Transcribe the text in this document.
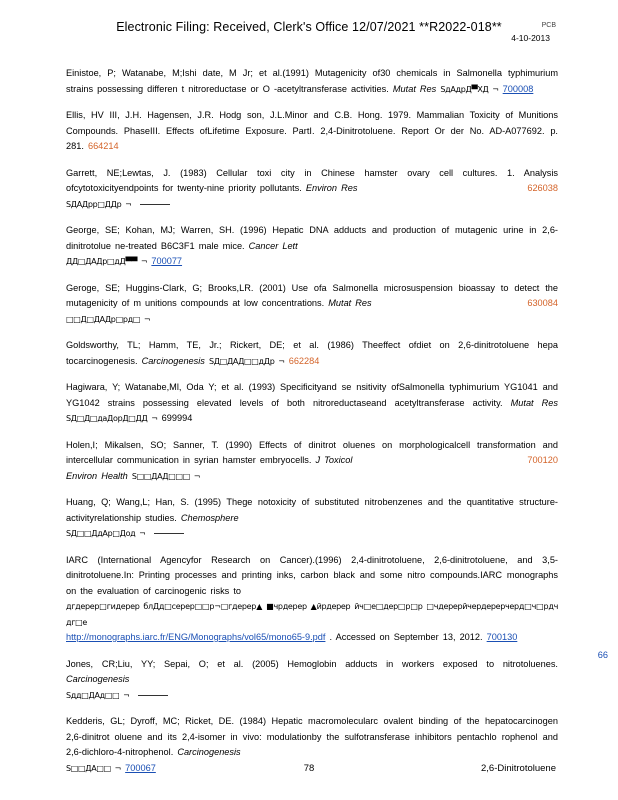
Electronic Filing: Received, Clerk's Office 12/07/2021 **R2022-018**	PCB
4-10-2013
Einistoe, P; Watanabe, M;Ishi date, M Jr; et al.(1991) Mutagenicity of30 chemicals in Salmonella typhimurium strains possessing differen t nitroreductase or O -acetyltransferase activities. Mutat Res ЅдАдрД▀ХД ¬ 700008
Ellis, HV III, J.H. Hagensen, J.R. Hodg son, J.L.Minor and C.B. Hong. 1979. Mammalian Toxicity of Munitions Compounds. PhaseIII. Effects ofLifetime Exposure. PartI. 2,4-Dinitrotoluene. Report Or der No. AD-A077692. p. 281. 664214
Garrett, NE;Lewtas, J. (1983) Cellular toxi city in Chinese hamster ovary cell cultures. 1. Analysis ofcytotoxicityendpoints for twenty-nine priority pollutants. Environ Res
ЅДАДрр□ДДр ¬
626038
George, SE; Kohan, MJ; Warren, SH. (1996) Hepatic DNA adducts and production of mutagenic urine in 2,6-dinitrotolue ne-treated B6C3F1 male mice. Cancer Lett
ДД□ДАДр□дД▀▀ ¬ 700077
Geroge, SE; Huggins-Clark, G; Brooks,LR. (2001) Use ofa Salmonella microsuspension bioassay to detect the mutagenicity of m unitions compounds at low concentrations. Mutat Res
□□Д□ДАДр□рд□ ¬
630084
Goldsworthy, TL; Hamm, TE, Jr.; Rickert, DE; et al. (1986) Theeffect ofdiet on 2,6-dinitrotoluene hepa tocarcinogenesis. Carcinogenesis ЅД□ДАД□□дДр ¬ 662284
Hagiwara, Y; Watanabe,Ml, Oda Y; et al. (1993) Specificityand se nsitivity ofSalmonella typhimurium YG1041 and YG1042 strains possessing elevated levels of both nitroreductaseand acetyltransferase activity. Mutat Res ЅД□Д□даДорД□ДД ¬ 699994
Holen,I; Mikalsen, SO; Sanner, T. (1990) Effects of dinitrot oluenes on morphologicalcell transformation and intercellular communication in syrian hamster embryocells. J Toxicol
Environ Health Ѕ□□ДАД□□□ ¬
700120
Huang, Q; Wang,L; Han, S. (1995) Thege notoxicity of substituted nitrobenzenes and the quantitative structure-activityrelationship studies. Chemosphere
ЅД□□ДдАр□Дод ¬
IARC (International Agencyfor Research on Cancer).(1996) 2,4-dinitrotoluene, 2,6-dinitrotoluene, and 3,5-dinitrotoluene.In: Printing processes and printing inks, carbon black and some nitro compounds.IARC monographs on the evaluation of carcinogenic risks to
дгдерер□гидерер блДд□серер□□р¬□гдерер▲ ■чрдерер ▲йрдерер йч□е□дер□р□р □чдерерйчердерерчерд□ч□рдч дг□е
http://monographs.iarc.fr/ENG/Monographs/vol65/mono65-9.pdf . Accessed on September 13, 2012. 700130
Jones, CR;Liu, YY; Sepai, O; et al. (2005) Hemoglobin adducts in workers exposed to nitrotoluenes. Carcinogenesis
Ѕдд□ДАд□□ ¬
Kedderis, GL; Dyroff, MC; Ricket, DE. (1984) Hepatic macromolecularc ovalent binding of the hepatocarcinogen 2,6-dinitrot oluene and its 2,4-isomer in vivo: modulationby the sulfotransferase inhibitors pentachlo rophenol and 2,6-dichloro-4-nitrophenol. Carcinogenesis
Ѕ□□ДА□□ ¬ 700067
66
78	2,6-Dinitrotoluene
